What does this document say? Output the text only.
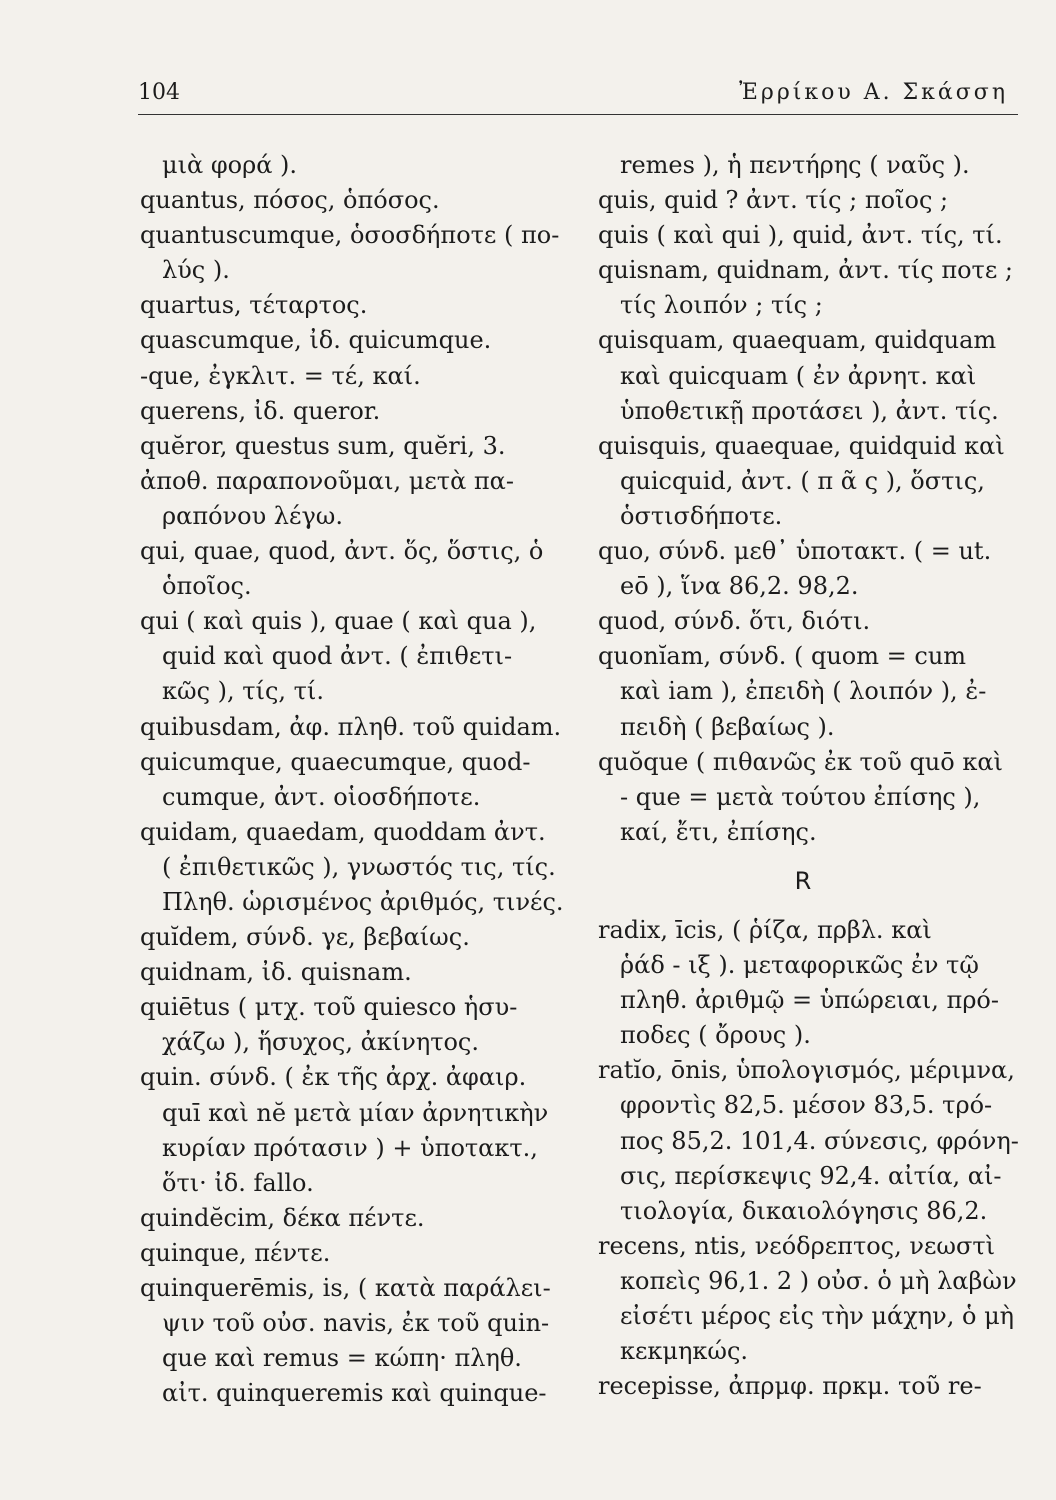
104	Ἐρρίκου Α. Σκάσση
μιὰ φορά ).
quantus, πόσος, ὁπόσος.
quantuscumque, ὁσοσδήποτε ( πο-
λύς ).
quartus, τέταρτος.
quascumque, ἰδ. quicumque.
-que, ἐγκλιτ. = τέ, καί.
querens, ἰδ. queror.
quĕror, questus sum, quĕri, 3.
ἀποθ. παραπονοῦμαι, μετὰ πα-
ραπόνου λέγω.
qui, quae, quod, ἀντ. ὅς, ὅστις, ὁ
ὁποῖος.
qui ( καὶ quis ), quae ( καὶ qua ),
quid καὶ quod ἀντ. ( ἐπιθετι-
κῶς ), τίς, τί.
quibusdam, ἀφ. πληθ. τοῦ quidam.
quicumque, quaecumque, quod-
cumque, ἀντ. οἱοσδήποτε.
quidam, quaedam, quoddam ἀντ.
( ἐπιθετικῶς ), γνωστός τις, τίς.
Πληθ. ὡρισμένος ἀριθμός, τινές.
quĭdem, σύνδ. γε, βεβαίως.
quidnam, ἰδ. quisnam.
quiētus ( μτχ. τοῦ quiesco ἡσυ-
χάζω ), ἥσυχος, ἀκίνητος.
quin. σύνδ. ( ἐκ τῆς ἀρχ. ἀφαιρ.
quī καὶ nĕ μετὰ μίαν ἀρνητικὴν
κυρίαν πρότασιν ) + ὑποτακτ.,
ὅτι· ἰδ. fallo.
quindĕcim, δέκα πέντε.
quinque, πέντε.
quinquerēmis, is, ( κατὰ παράλει-
ψιν τοῦ οὐσ. navis, ἐκ τοῦ quin-
que καὶ remus = κώπη· πληθ.
αἰτ. quinqueremis καὶ quinque-
remes ), ἡ πεντήρης ( ναῦς ).
quis, quid ? ἀντ. τίς ; ποῖος ;
quis ( καὶ qui ), quid, ἀντ. τίς, τί.
quisnam, quidnam, ἀντ. τίς ποτε ;
τίς λοιπόν ; τίς ;
quisquam, quaequam, quidquam
καὶ quicquam ( ἐν ἀρνητ. καὶ
ὑποθετικῇ προτάσει ), ἀντ. τίς.
quisquis, quaequae, quidquid καὶ
quicquid, ἀντ. ( π ᾶ ς ), ὅστις,
ὁστισδήποτε.
quo, σύνδ. μεθ᾽ ὑποτακτ. ( = ut.
eō ), ἵνα 86,2. 98,2.
quod, σύνδ. ὅτι, διότι.
quonĭam, σύνδ. ( quom = cum
καὶ iam ), ἐπειδὴ ( λοιπόν ), ἐ-
πειδὴ ( βεβαίως ).
quŏque ( πιθανῶς ἐκ τοῦ quō καὶ
- que = μετὰ τούτου ἐπίσης ),
καί, ἔτι, ἐπίσης.
R
radix, īcis, ( ῥίζα, πρβλ. καὶ
ῥάδ - ιξ ). μεταφορικῶς ἐν τῷ
πληθ. ἀριθμῷ = ὑπώρειαι, πρό-
ποδες ( ὄρους ).
ratĭo, ōnis, ὑπολογισμός, μέριμνα,
φροντὶς 82,5. μέσον 83,5. τρό-
πος 85,2. 101,4. σύνεσις, φρόνη-
σις, περίσκεψις 92,4. αἰτία, αἰ-
τιολογία, δικαιολόγησις 86,2.
recens, ntis, νεόδρεπτος, νεωστὶ
κοπεὶς 96,1. 2 ) οὐσ. ὁ μὴ λαβὼν
εἰσέτι μέρος εἰς τὴν μάχην, ὁ μὴ
κεκμηκώς.
recepisse, ἀπρμφ. πρκμ. τοῦ re-
